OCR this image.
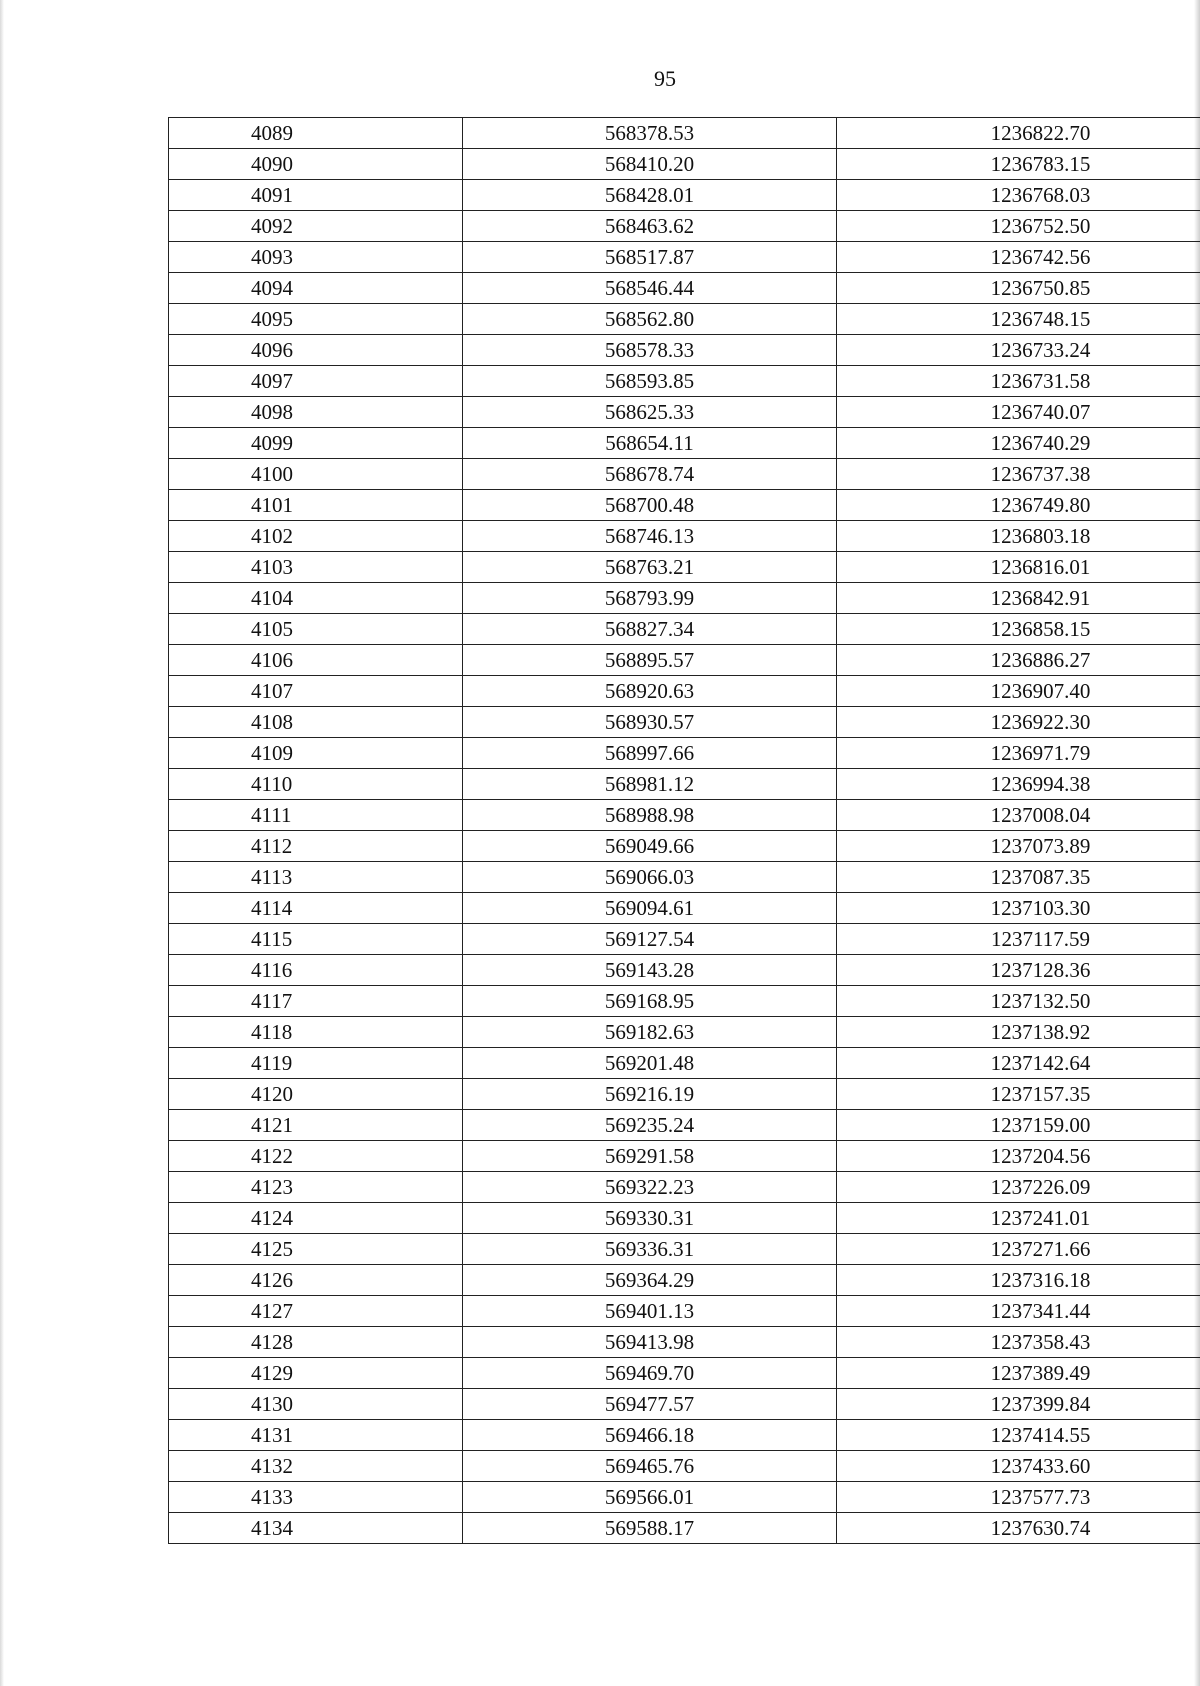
95
4089	568378.53	1236822.70
4090	568410.20	1236783.15
4091	568428.01	1236768.03
4092	568463.62	1236752.50
4093	568517.87	1236742.56
4094	568546.44	1236750.85
4095	568562.80	1236748.15
4096	568578.33	1236733.24
4097	568593.85	1236731.58
4098	568625.33	1236740.07
4099	568654.11	1236740.29
4100	568678.74	1236737.38
4101	568700.48	1236749.80
4102	568746.13	1236803.18
4103	568763.21	1236816.01
4104	568793.99	1236842.91
4105	568827.34	1236858.15
4106	568895.57	1236886.27
4107	568920.63	1236907.40
4108	568930.57	1236922.30
4109	568997.66	1236971.79
4110	568981.12	1236994.38
4111	568988.98	1237008.04
4112	569049.66	1237073.89
4113	569066.03	1237087.35
4114	569094.61	1237103.30
4115	569127.54	1237117.59
4116	569143.28	1237128.36
4117	569168.95	1237132.50
4118	569182.63	1237138.92
4119	569201.48	1237142.64
4120	569216.19	1237157.35
4121	569235.24	1237159.00
4122	569291.58	1237204.56
4123	569322.23	1237226.09
4124	569330.31	1237241.01
4125	569336.31	1237271.66
4126	569364.29	1237316.18
4127	569401.13	1237341.44
4128	569413.98	1237358.43
4129	569469.70	1237389.49
4130	569477.57	1237399.84
4131	569466.18	1237414.55
4132	569465.76	1237433.60
4133	569566.01	1237577.73
4134	569588.17	1237630.74
